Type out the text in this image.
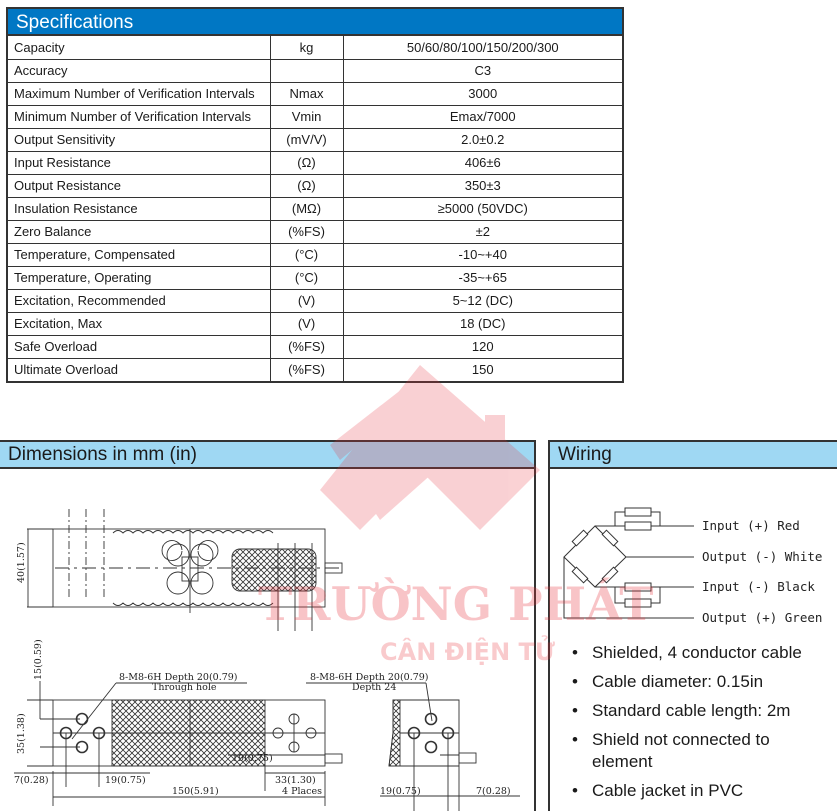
Specifications
Capacity	kg	50/60/80/100/150/200/300
Accuracy		C3
Maximum Number of Verification Intervals	Nmax	3000
Minimum Number of Verification Intervals	Vmin	Emax/7000
Output Sensitivity	(mV/V)	2.0±0.2
Input Resistance	(Ω)	406±6
Output Resistance	(Ω)	350±3
Insulation Resistance	(MΩ)	≥5000 (50VDC)
Zero Balance	(%FS)	±2
Temperature, Compensated	(°C)	-10~+40
Temperature, Operating	(°C)	-35~+65
Excitation, Recommended	(V)	5~12 (DC)
Excitation, Max	(V)	18 (DC)
Safe Overload	(%FS)	120
Ultimate Overload	(%FS)	150
Dimensions in mm (in)
40(1.57)
35(1.38)
15(0.59)	8-M8-6H Depth 20(0.79)
Through hole
8-M8-6H Depth 20(0.79)
Depth 24
7(0.28)	19(0.75)
19(0.75)
33(1.30)
4 Places
150(5.91)	19(0.75)	7(0.28)
Wiring
Input (+) Red
Output (-) White
Input (-) Black
Output (+) Green
• Shielded, 4 conductor cable
• Cable diameter: 0.15in
• Standard cable length: 2m
• Shield not connected to element
• Cable jacket in PVC
TRƯỜNG PHÁT
CÂN ĐIỆN TỬ
